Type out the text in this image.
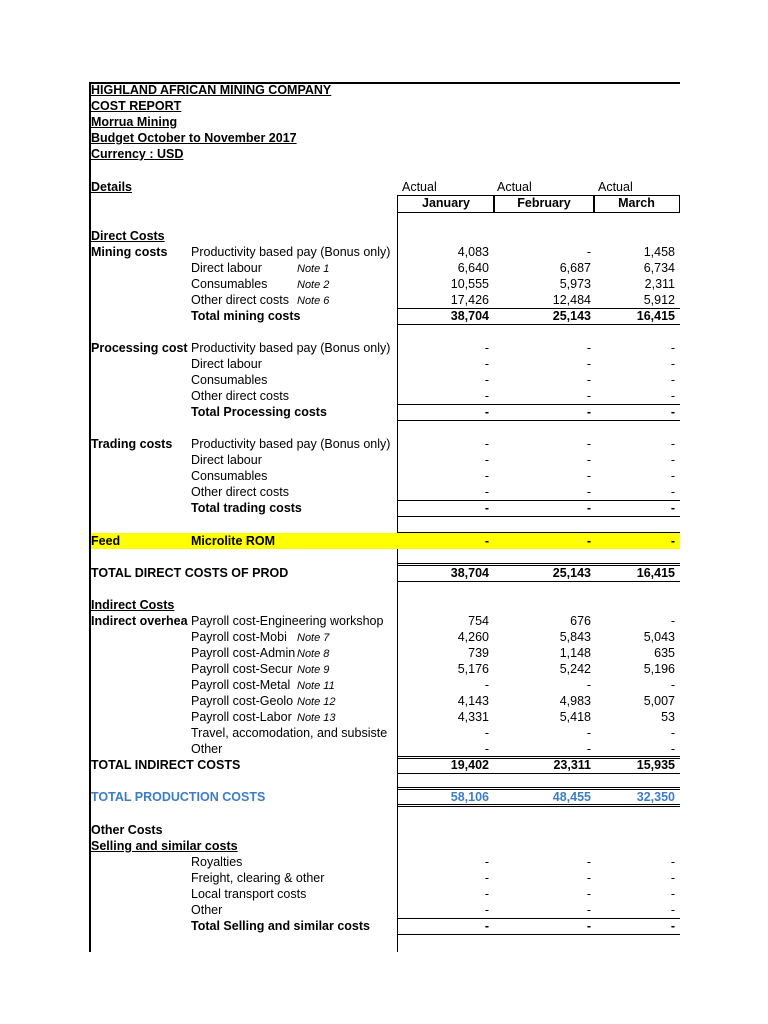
HIGHLAND AFRICAN MINING COMPANY
COST REPORT
Morrua Mining
Budget October to November 2017
Currency : USD
Details	Actual	Actual	Actual
January	February	March
Direct Costs
Mining costs Productivity based pay (Bonus only)	4,083	-	1,458
Direct labour	Note 1	6,640	6,687	6,734
Consumables	Note 2	10,555	5,973	2,311
Other direct costs Note 6	17,426	12,484	5,912
Total mining costs	38,704	25,143	16,415
Processing cost Productivity based pay (Bonus only)	-	-	-
Direct labour	-	-	-
Consumables	-	-	-
Other direct costs	-	-	-
Total Processing costs	-	-	-
Trading costs Productivity based pay (Bonus only)	-	-	-
Direct labour	-	-	-
Consumables	-	-	-
Other direct costs	-	-	-
Total trading costs	-	-	-
Feed	Microlite ROM	-	-	-
TOTAL DIRECT COSTS OF PROD	38,704	25,143	16,415
Indirect Costs
Indirect overhea Payroll cost-Engineering workshop	754	676	-
Payroll cost-Mobi Note 7	4,260	5,843	5,043
Payroll cost-Admin Note 8	739	1,148	635
Payroll cost-Secur Note 9	5,176	5,242	5,196
Payroll cost-Metal Note 11	-	-	-
Payroll cost-Geolo Note 12	4,143	4,983	5,007
Payroll cost-Labor Note 13	4,331	5,418	53
Travel, accomodation, and subsiste	-	-	-
Other	-	-	-
TOTAL INDIRECT COSTS	19,402	23,311	15,935
TOTAL PRODUCTION COSTS	58,106	48,455	32,350
Other Costs
Selling and similar costs
Royalties	-	-	-
Freight, clearing & other	-	-	-
Local transport costs	-	-	-
Other	-	-	-
Total Selling and similar costs	-	-	-
